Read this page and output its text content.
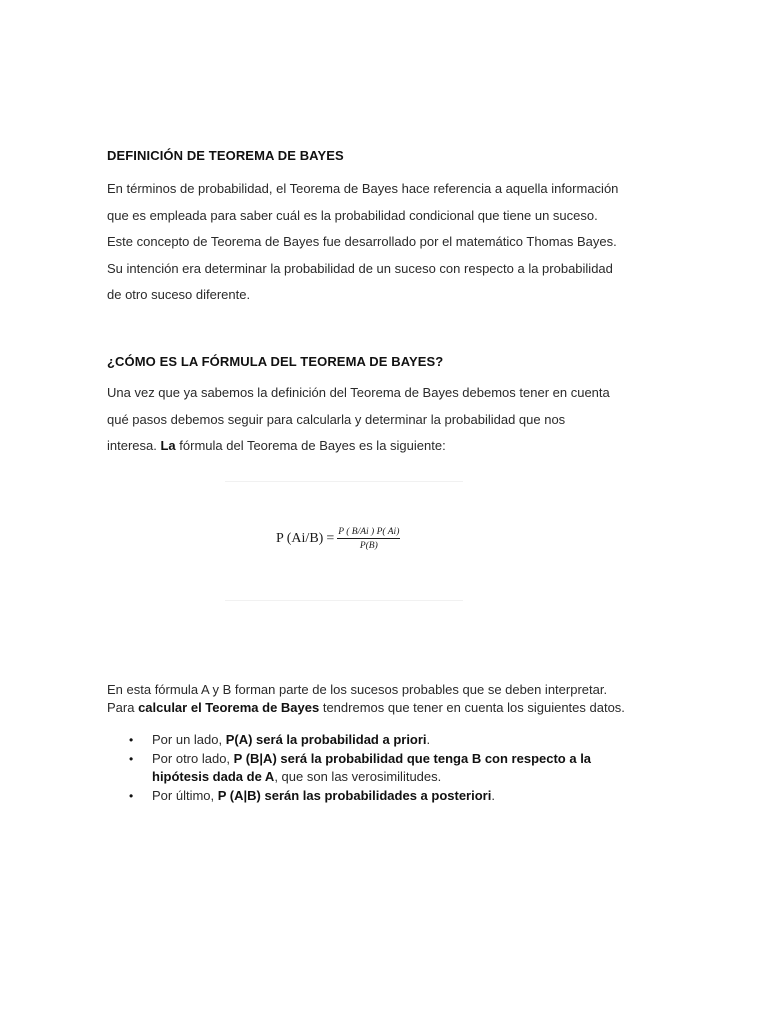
DEFINICIÓN DE TEOREMA DE BAYES
En términos de probabilidad, el Teorema de Bayes hace referencia a aquella información
que es empleada para saber cuál es la probabilidad condicional que tiene un suceso.
Este concepto de Teorema de Bayes fue desarrollado por el matemático Thomas Bayes.
Su intención era determinar la probabilidad de un suceso con respecto a la probabilidad
de otro suceso diferente.
¿CÓMO ES LA FÓRMULA DEL TEOREMA DE BAYES?
Una vez que ya sabemos la definición del Teorema de Bayes debemos tener en cuenta
qué pasos debemos seguir para calcularla y determinar la probabilidad que nos
interesa. La fórmula del Teorema de Bayes es la siguiente:
P $(Ai/B) = \frac{P ( B/Ai ) P( Ai)}{P(B)}$
En esta fórmula A y B forman parte de los sucesos probables que se deben interpretar.
Para calcular el Teorema de Bayes tendremos que tener en cuenta los siguientes datos.
• Por un lado, P(A) será la probabilidad a priori.
• Por otro lado, P (B|A) será la probabilidad que tenga B con respecto a la
hipótesis dada de A, que son las verosimilitudes.
• Por último, P (A|B) serán las probabilidades a posteriori.
